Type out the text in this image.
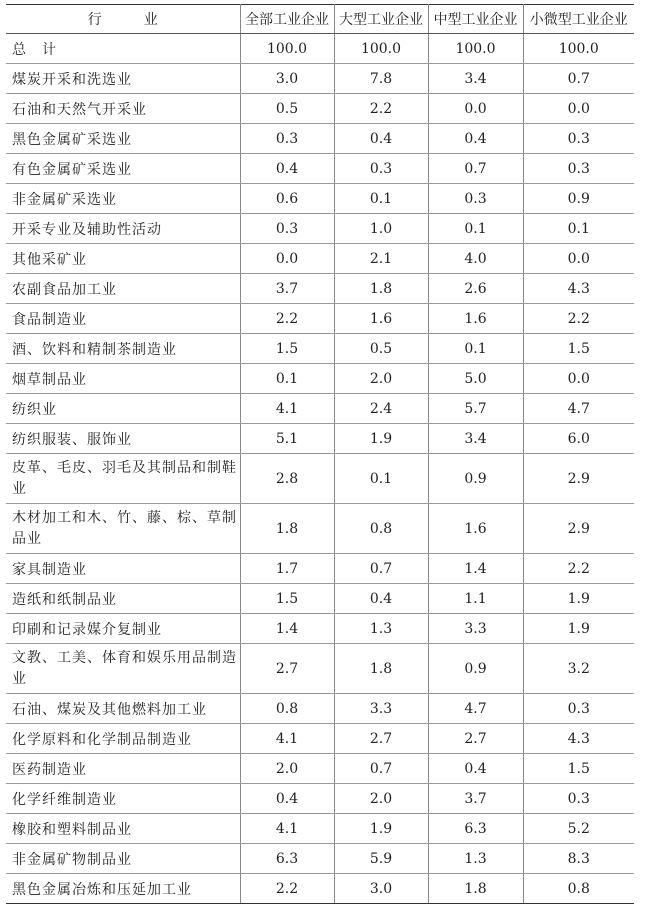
行　业	全部工业企业	大型工业企业	中型工业企业	小微型工业企业
总　计	100.0	100.0	100.0	100.0
煤炭开采和洗选业	3.0	7.8	3.4	0.7
石油和天然气开采业	0.5	2.2	0.0	0.0
黑色金属矿采选业	0.3	0.4	0.4	0.3
有色金属矿采选业	0.4	0.3	0.7	0.3
非金属矿采选业	0.6	0.1	0.3	0.9
开采专业及辅助性活动	0.3	1.0	0.1	0.1
其他采矿业	0.0	2.1	4.0	0.0
农副食品加工业	3.7	1.8	2.6	4.3
食品制造业	2.2	1.6	1.6	2.2
酒、饮料和精制茶制造业	1.5	0.5	0.1	1.5
烟草制品业	0.1	2.0	5.0	0.0
纺织业	4.1	2.4	5.7	4.7
纺织服装、服饰业	5.1	1.9	3.4	6.0
皮革、毛皮、羽毛及其制品和制鞋业	2.8	0.1	0.9	2.9
木材加工和木、竹、藤、棕、草制品业	1.8	0.8	1.6	2.9
家具制造业	1.7	0.7	1.4	2.2
造纸和纸制品业	1.5	0.4	1.1	1.9
印刷和记录媒介复制业	1.4	1.3	3.3	1.9
文教、工美、体育和娱乐用品制造业	2.7	1.8	0.9	3.2
石油、煤炭及其他燃料加工业	0.8	3.3	4.7	0.3
化学原料和化学制品制造业	4.1	2.7	2.7	4.3
医药制造业	2.0	0.7	0.4	1.5
化学纤维制造业	0.4	2.0	3.7	0.3
橡胶和塑料制品业	4.1	1.9	6.3	5.2
非金属矿物制品业	6.3	5.9	1.3	8.3
黑色金属冶炼和压延加工业	2.2	3.0	1.8	0.8
